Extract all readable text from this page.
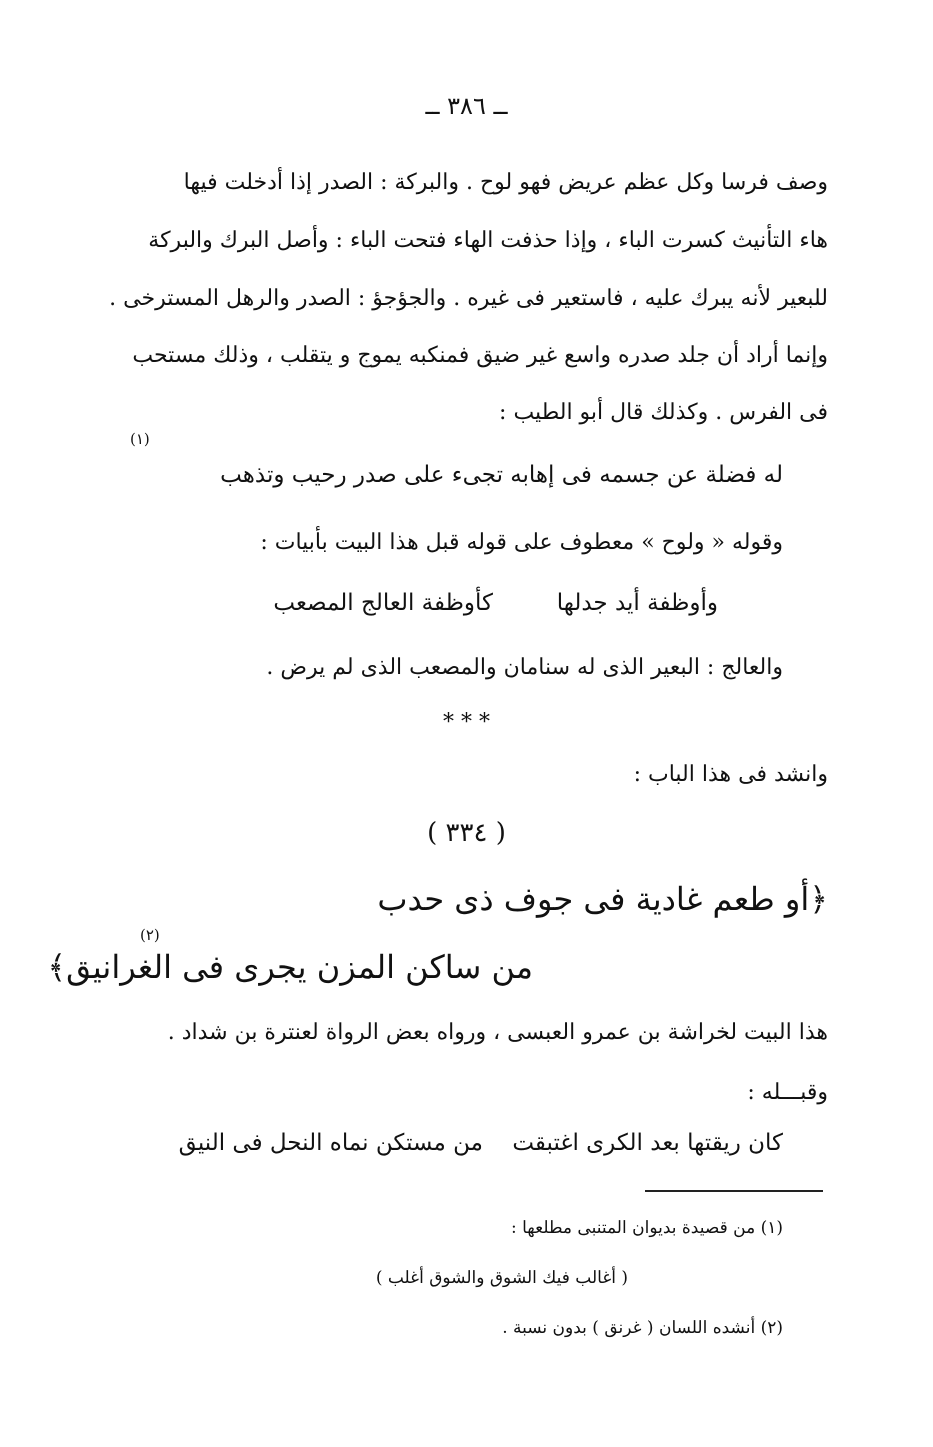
ــ ٣٨٦ ــ
وصف فرسا وكل عظم عريض فهو لوح . والبركة : الصدر إذا أدخلت فيها
هاء التأنيث كسرت الباء ، وإذا حذفت الهاء فتحت الباء : وأصل البرك والبركة
للبعير لأنه يبرك عليه ، فاستعير فى غيره . والجؤجؤ : الصدر والرهل المسترخى .
وإنما أراد أن جلد صدره واسع غير ضيق فمنكبه يموج و يتقلب ، وذلك مستحب
فى الفرس . وكذلك قال أبو الطيب :
(١)
له فضلة عن جسمه فى إهابه
تجىء على صدر رحيب وتذهب
وقوله « ولوح » معطوف على قوله قبل هذا البيت بأبيات :
وأوظفة أيد جدلها
كأوظفة العالج المصعب
والعالج : البعير الذى له سنامان والمصعب الذى لم يرض .
* * *
وانشد فى هذا الباب :
( ٣٣٤ )
﴿أو طعم غادية فى جوف ذى حدب
(٢)
من ساكن المزن يجرى فى الغرانيق﴾
هذا البيت لخراشة بن عمرو العبسى ، ورواه بعض الرواة لعنترة بن شداد .
وقبـــله :
كان ريقتها بعد الكرى اغتبقت
من مستكن نماه النحل فى النيق
(١) من قصيدة بديوان المتنبى مطلعها :
( أغالب فيك الشوق والشوق أغلب )
(٢) أنشده اللسان ( غرنق ) بدون نسبة .
